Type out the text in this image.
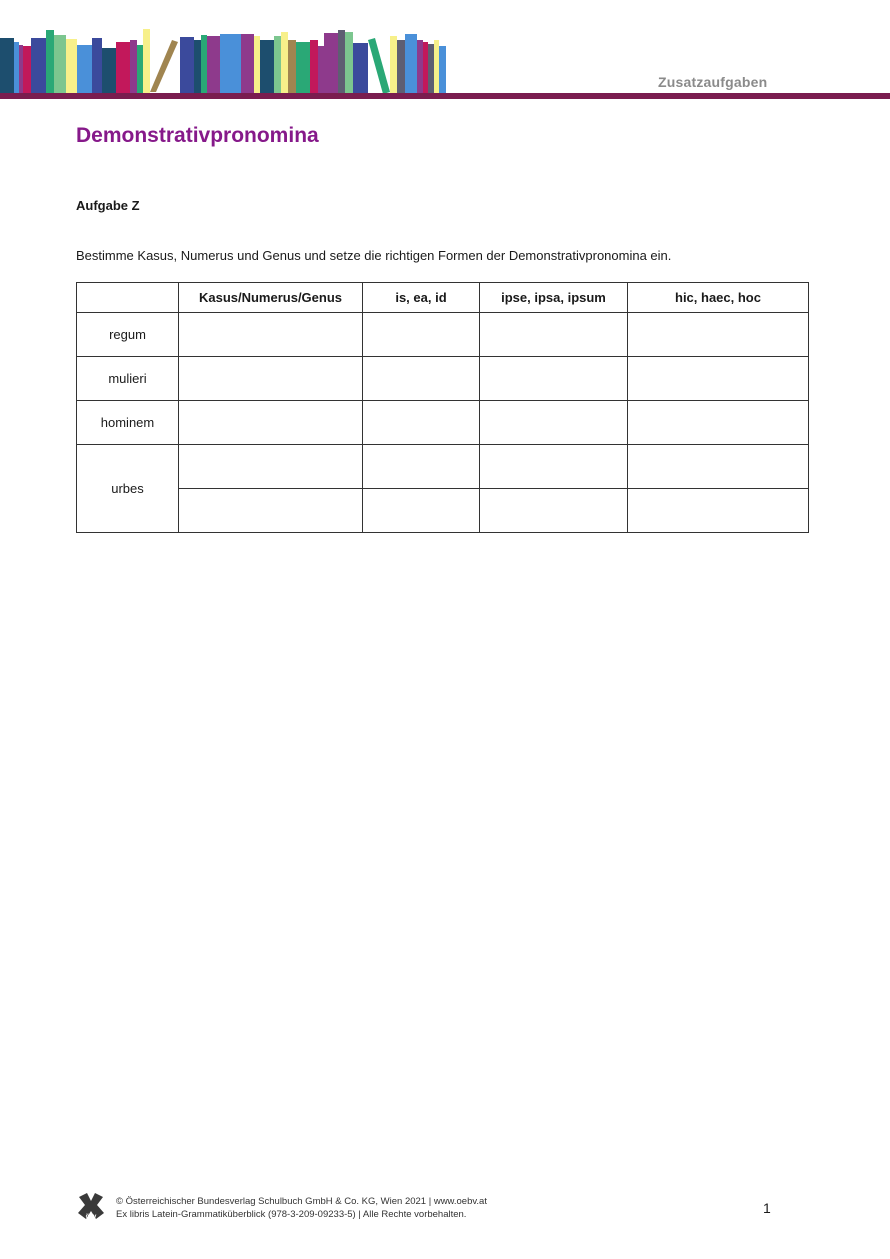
Zusatzaufgaben
Demonstrativpronomina

Aufgabe Z

Bestimme Kasus, Numerus und Genus und setze die richtigen Formen der Demonstrativpronomina ein.

	Kasus/Numerus/Genus	is, ea, id	ipse, ipsa, ipsum	hic, haec, hoc
regum				
mulieri				
hominem				
urbes				

öbv
© Österreichischer Bundesverlag Schulbuch GmbH & Co. KG, Wien 2021 | www.oebv.at
Ex libris Latein-Grammatiküberblick (978-3-209-09233-5) | Alle Rechte vorbehalten.	1
